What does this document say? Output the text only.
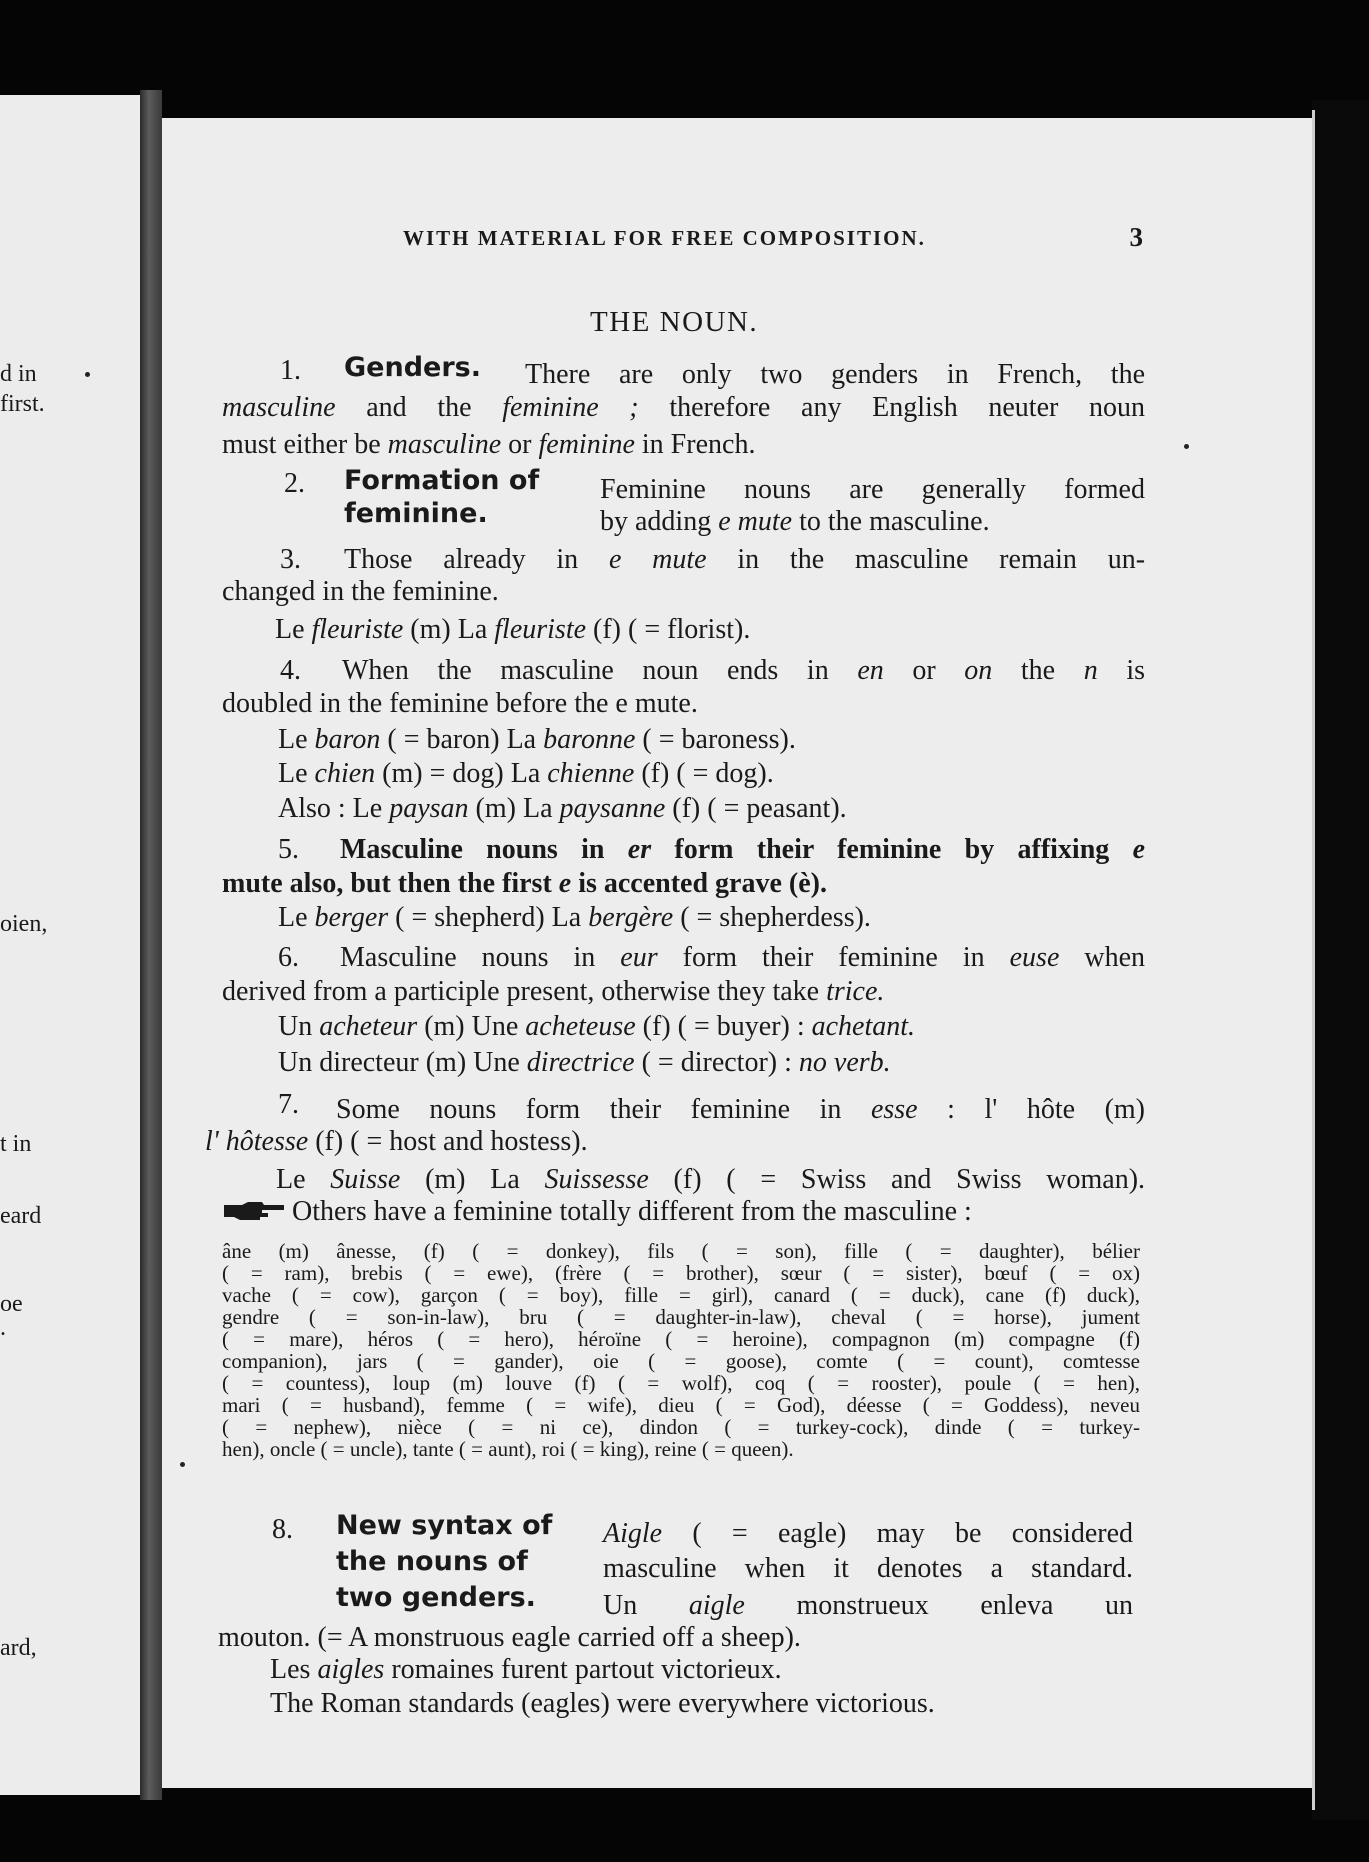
d in
first.
oien,
t in
eard
oe
.
ard,
WITH MATERIAL FOR FREE COMPOSITION.	3
THE NOUN.
1. Genders. There are only two genders in French, the
masculine and the feminine ; therefore any English neuter noun
must either be masculine or feminine in French.
2. Formation of
feminine.
Feminine nouns are generally formed
by adding e mute to the masculine.
3. Those already in e mute in the masculine remain un-
changed in the feminine.
Le fleuriste (m) La fleuriste (f) ( = florist).
4. When the masculine noun ends in en or on the n is
doubled in the feminine before the e mute.
Le baron ( = baron) La baronne ( = baroness).
Le chien (m) = dog) La chienne (f) ( = dog).
Also : Le paysan (m) La paysanne (f) ( = peasant).
5. Masculine nouns in er form their feminine by affixing e
mute also, but then the first e is accented grave (è).
Le berger ( = shepherd) La bergère ( = shepherdess).
6. Masculine nouns in eur form their feminine in euse when
derived from a participle present, otherwise they take trice.
Un acheteur (m) Une acheteuse (f) ( = buyer) : achetant.
Un directeur (m) Une directrice ( = director) : no verb.
7. Some nouns form their feminine in esse : l' hôte (m)
l' hôtesse (f) ( = host and hostess).
Le Suisse (m) La Suissesse (f) ( = Swiss and Swiss woman).
Others have a feminine totally different from the masculine :
âne (m) ânesse, (f) ( = donkey), fils ( = son), fille ( = daughter), bélier
( = ram), brebis ( = ewe), (frère ( = brother), sœur ( = sister), bœuf ( = ox)
vache ( = cow), garçon ( = boy), fille = girl), canard ( = duck), cane (f) duck),
gendre ( = son-in-law), bru ( = daughter-in-law), cheval ( = horse), jument
( = mare), héros ( = hero), héroïne ( = heroine), compagnon (m) compagne (f)
companion), jars ( = gander), oie ( = goose), comte ( = count), comtesse
( = countess), loup (m) louve (f) ( = wolf), coq ( = rooster), poule ( = hen),
mari ( = husband), femme ( = wife), dieu ( = God), déesse ( = Goddess), neveu
( = nephew), nièce ( = ni ce), dindon ( = turkey-cock), dinde ( = turkey-
hen), oncle ( = uncle), tante ( = aunt), roi ( = king), reine ( = queen).
8. New syntax of
the nouns of
two genders.
Aigle ( = eagle) may be considered
masculine when it denotes a standard.
Un aigle monstrueux enleva un
mouton. (= A monstruous eagle carried off a sheep).
Les aigles romaines furent partout victorieux.
The Roman standards (eagles) were everywhere victorious.
